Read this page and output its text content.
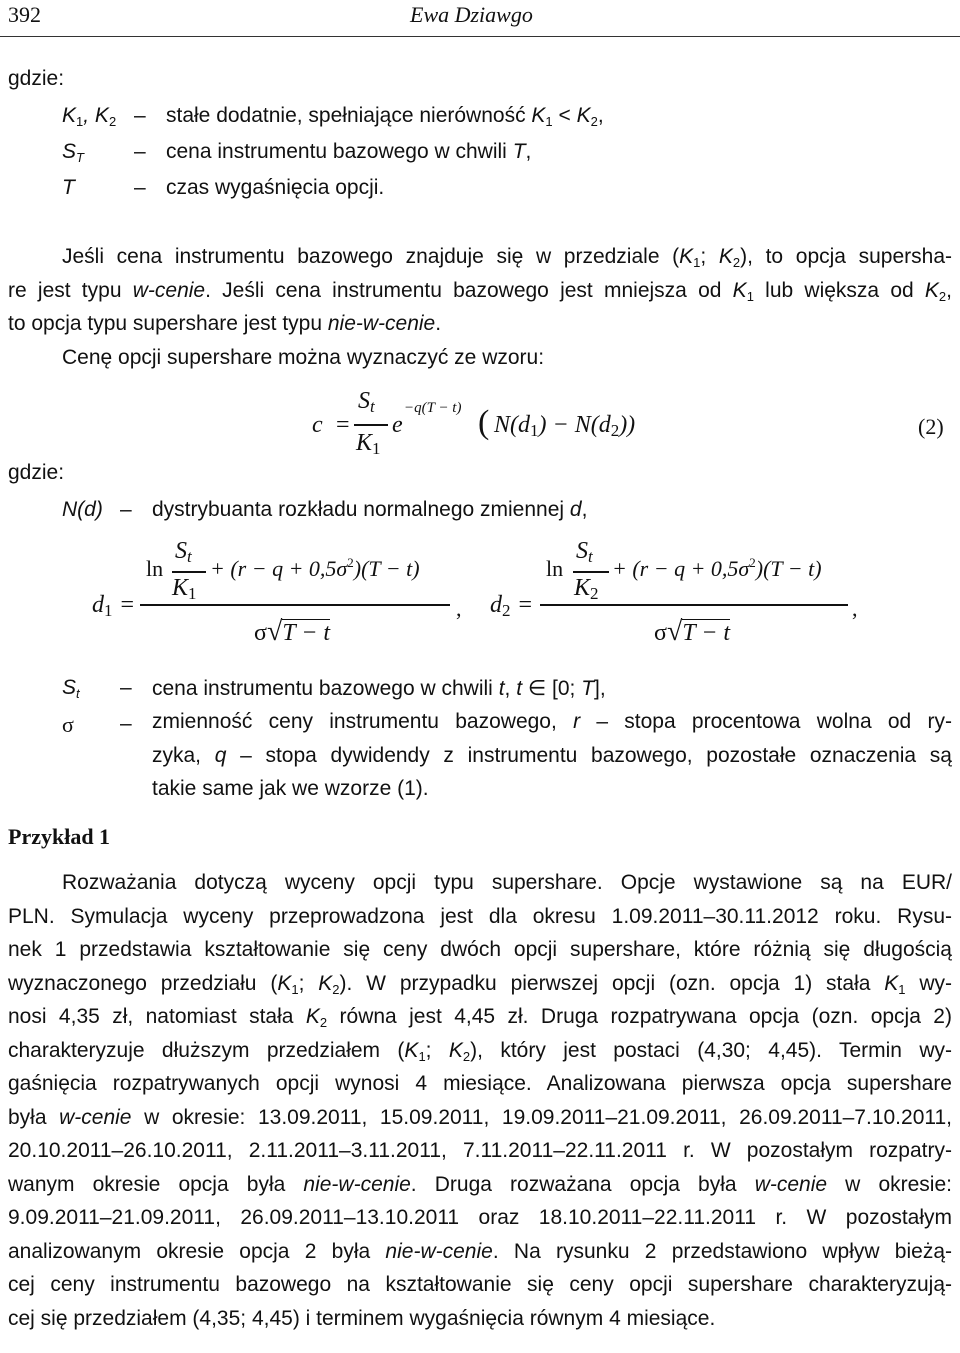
392	Ewa Dziawgo
gdzie:
$K_1$, $K_2$ – stałe dodatnie, spełniające nierówność $K_1 < K_2$,
$S_T$ – cena instrumentu bazowego w chwili T,
T	– czas wygaśnięcia opcji.
Jeśli cena instrumentu bazowego znajduje się w przedziale ($K_1$; $K_2$), to opcja supersha-
re jest typu w-cenie. Jeśli cena instrumentu bazowego jest mniejsza od $K_1$ lub większa od $K_2$,
to opcja typu supershare jest typu nie-w-cenie.
Cenę opcji supershare można wyznaczyć ze wzoru:
c =
$S_t$
$K_1$
e
−q(T − t) ( $N(d_1) - N(d_2)$)	(2)
gdzie:
N(d) – dystrybuanta rozkładu normalnego zmiennej d,
$d_1$ =
ln
$S_t$
$K_1$
+ $(r - q + 0,5\sigma^2)(T - t)$
σ√T − t
, $d_2$ =
ln
$S_t$
$K_2$
+ $(r - q + 0,5\sigma^2)(T - t)$
σ√T − t
,
$S_t$ – cena instrumentu bazowego w chwili t, t ∈ [0; T],
σ – zmienność ceny instrumentu bazowego, r – stopa procentowa wolna od ry-
zyka, q – stopa dywidendy z instrumentu bazowego, pozostałe oznaczenia są
takie same jak we wzorze (1).
Przykład 1
Rozważania dotyczą wyceny opcji typu supershare. Opcje wystawione są na EUR/
PLN. Symulacja wyceny przeprowadzona jest dla okresu 1.09.2011–30.11.2012 roku. Rysu-
nek 1 przedstawia kształtowanie się ceny dwóch opcji supershare, które różnią się długością
wyznaczonego przedziału ($K_1$; $K_2$). W przypadku pierwszej opcji (ozn. opcja 1) stała $K_1$ wy-
nosi 4,35 zł, natomiast stała $K_2$ równa jest 4,45 zł. Druga rozpatrywana opcja (ozn. opcja 2)
charakteryzuje dłuższym przedziałem ($K_1$; $K_2$), który jest postaci (4,30; 4,45). Termin wy-
gaśnięcia rozpatrywanych opcji wynosi 4 miesiące. Analizowana pierwsza opcja supershare
była w-cenie w okresie: 13.09.2011, 15.09.2011, 19.09.2011–21.09.2011, 26.09.2011–7.10.2011,
20.10.2011–26.10.2011, 2.11.2011–3.11.2011, 7.11.2011–22.11.2011 r. W pozostałym rozpatry-
wanym okresie opcja była nie-w-cenie. Druga rozważana opcja była w-cenie w okresie:
9.09.2011–21.09.2011, 26.09.2011–13.10.2011 oraz 18.10.2011–22.11.2011 r. W pozostałym
analizowanym okresie opcja 2 była nie-w-cenie. Na rysunku 2 przedstawiono wpływ bieżą-
cej ceny instrumentu bazowego na kształtowanie się ceny opcji supershare charakteryzują-
cej się przedziałem (4,35; 4,45) i terminem wygaśnięcia równym 4 miesiące.
